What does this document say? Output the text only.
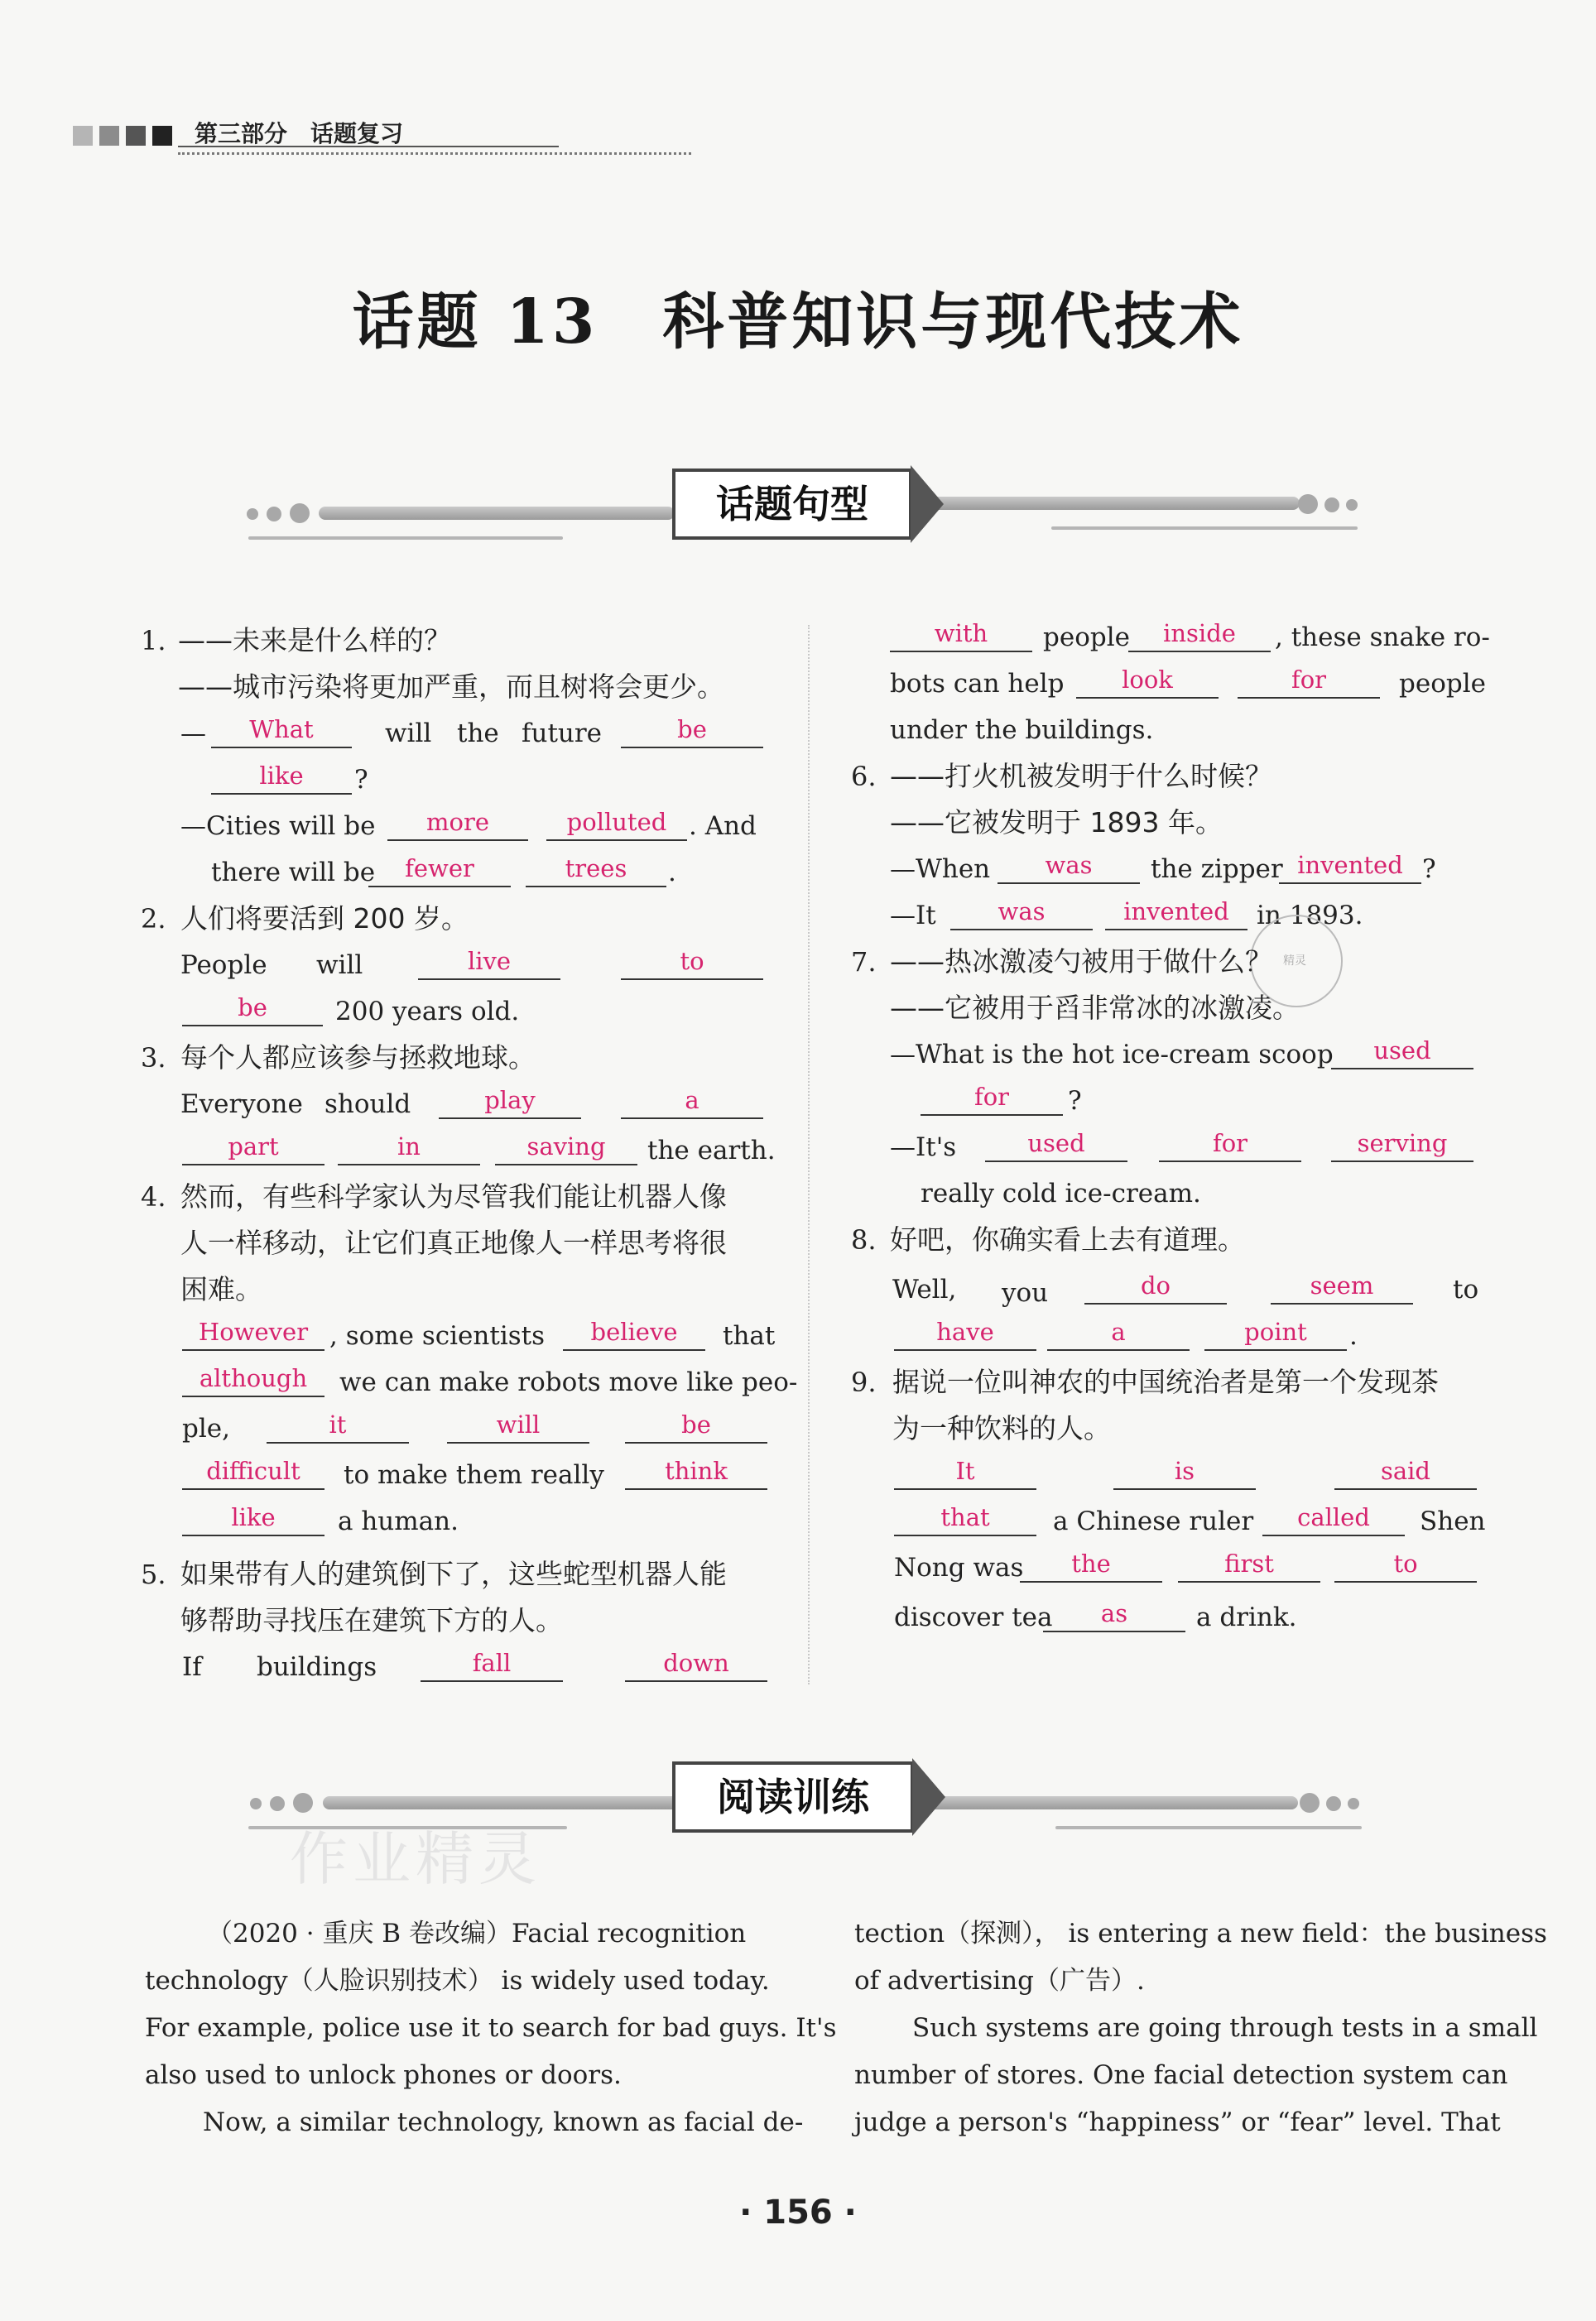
第三部分　话题复习
话题 13　科普知识与现代技术
话题句型
1. ——未来是什么样的？
——城市污染将更加严重，而且树将会更少。
—	What	will the future	be
like	?
—Cities will be	more	polluted . And
there will be	fewer	trees	.
2. 人们将要活到 200 岁。
People will	live	to
be	200 years old.
3. 每个人都应该参与拯救地球。
Everyone should	play	a
part	in	saving	the earth.
4. 然而，有些科学家认为尽管我们能让机器人像
人一样移动，让它们真正地像人一样思考将很
困难。
However , some scientists	believe	that
although	we can make robots move like peo-
ple,	it	will	be
difficult	to make them really	think
like	a human.
5. 如果带有人的建筑倒下了，这些蛇型机器人能
够帮助寻找压在建筑下方的人。
If buildings	fall	down
with	people	inside	, these snake ro-
bots can help	look	for	people
under the buildings.
6. ——打火机被发明于什么时候？
——它被发明于 1893 年。
—When	was	the zipper invented ?
—It	was	invented	in 1893.
精灵
7. ——热冰激凌勺被用于做什么？
——它被用于舀非常冰的冰激凌。
—What is the hot ice-cream scoop	used
for	?
—It's	used	for	serving
really cold ice-cream.
8. 好吧，你确实看上去有道理。
Well, you	do	seem	to
have	a	point	.
9. 据说一位叫神农的中国统治者是第一个发现茶
为一种饮料的人。
It	is	said
that	a Chinese ruler	called	Shen
Nong was	the	first	to
discover tea	as	a drink.
阅读训练
作业精灵
（2020 · 重庆 B 卷改编）Facial recognition
technology（人脸识别技术） is widely used today.
For example, police use it to search for bad guys. It's
also used to unlock phones or doors.
Now, a similar technology, known as facial de-
tection（探测）， is entering a new field：the business
of advertising（广告）.
Such systems are going through tests in a small
number of stores. One facial detection system can
judge a person's “happiness” or “fear” level. That
· 156 ·
